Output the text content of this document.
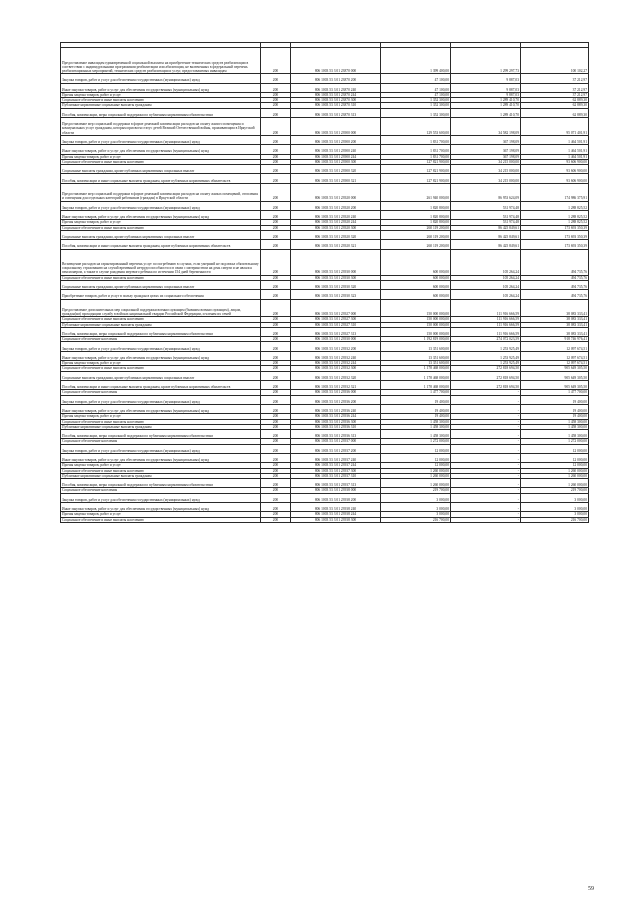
Предоставление инвалидам единовременной социальной выплаты на приобретение технических средств реабилитации в соответствии с индивидуальными программами реабилитации или абилитации, не включенных в федеральный перечень реабилитационных мероприятий, технических средств реабилитации и услуг, предоставляемых инвалидам	200	806 1003 53 3 01 23870 000	1 399 400,00	1 299 297,73	100 102,27
Закупка товаров, работ и услуг для обеспечения государственных (муниципальных) нужд	200	806 1003 53 3 01 23870 200	47 100,00	9 887,03	37 212,97
Иные закупки товаров, работ и услуг для обеспечения государственных (муниципальных) нужд	200	806 1003 53 3 01 23870 240	47 100,00	9 887,03	37 212,97
Прочая закупка товаров, работ и услуг	200	806 1003 53 3 01 23870 244	47 100,00	9 887,03	37 212,97
Социальное обеспечение и иные выплаты населению	200	806 1003 53 3 01 23870 300	1 352 300,00	1 289 410,70	62 889,30
Публичные нормативные социальные выплаты гражданам	200	806 1003 53 3 01 23870 310	1 352 300,00	1 289 410,70	62 889,30
Пособия, компенсации, меры социальной поддержки по публичным нормативным обязательствам	200	806 1003 53 3 01 23870 313	1 352 300,00	1 289 410,70	62 889,30
Предоставление мер социальной поддержки в форме денежной компенсации расходов на оплату жилого помещения и коммунальных услуг гражданам, которым присвоен статус детей Великой Отечественной войны, проживающим в Иркутской области	200	806 1003 53 3 01 23900 000	129 553 600,00	34 582 198,09	95 071 401,91
Закупка товаров, работ и услуг для обеспечения государственных (муниципальных) нужд	200	806 1003 53 3 01 23900 200	1 831 700,00	367 198,09	1 464 501,91
Иные закупки товаров, работ и услуг для обеспечения государственных (муниципальных) нужд	200	806 1003 53 3 01 23900 240	1 831 700,00	367 198,09	1 464 501,91
Прочая закупка товаров, работ и услуг	200	806 1003 53 3 01 23900 244	1 831 700,00	367 198,09	1 464 501,91
Социальное обеспечение и иные выплаты населению	200	806 1003 53 3 01 23900 300	127 821 900,00	34 215 000,00	93 606 900,00
Социальные выплаты гражданам, кроме публичных нормативных социальных выплат	200	806 1003 53 3 01 23900 320	127 821 900,00	34 215 000,00	93 606 900,00
Пособия, компенсации и иные социальные выплаты гражданам, кроме публичных нормативных обязательств	200	806 1003 53 3 01 23900 321	127 821 900,00	34 215 000,00	93 606 900,00
Предоставление мер социальной поддержки в форме денежной компенсации расходов на оплату жилых помещений, отопления и освещения для отдельных категорий работников (граждан) в Иркутской области	200	806 1003 53 3 01 23920 000	261 940 000,00	86 953 624,09	174 986 375,91
Закупка товаров, работ и услуг для обеспечения государственных (муниципальных) нужд	200	806 1003 53 3 01 23920 200	1 820 800,00	531 974,48	1 288 825,52
Иные закупки товаров, работ и услуг для обеспечения государственных (муниципальных) нужд	200	806 1003 53 3 01 23920 240	1 820 800,00	531 974,48	1 288 825,52
Прочая закупка товаров, работ и услуг	200	806 1003 53 3 01 23920 244	1 820 800,00	531 974,48	1 288 825,52
Социальное обеспечение и иные выплаты населению	200	806 1003 53 3 01 23920 300	260 119 200,00	86 425 849,61	173 693 350,39
Социальные выплаты гражданам, кроме публичных нормативных социальных выплат	200	806 1003 53 3 01 23920 320	260 119 200,00	86 425 849,61	173 693 350,39
Пособия, компенсации и иные социальные выплаты гражданам, кроме публичных нормативных обязательств	200	806 1003 53 3 01 23920 321	260 119 200,00	86 425 849,61	173 693 350,39
Возмещение расходов на гарантированный перечень услуг по погребению в случаях, если умерший не подлежал обязательному социальному страхованию на случай временной нетрудоспособности и в связи с материнством на день смерти и не являлся пенсионером, а также в случае рождения мертвого ребенка по истечении 154 дней беременности	200	806 1003 53 3 01 23930 000	600 000,00	105 264,24	494 735,76
Социальное обеспечение и иные выплаты населению	200	806 1003 53 3 01 23930 300	600 000,00	105 264,24	494 735,76
Социальные выплаты гражданам, кроме публичных нормативных социальных выплат	200	806 1003 53 3 01 23930 320	600 000,00	105 264,24	494 735,76
Приобретение товаров, работ и услуг в пользу граждан в целях их социального обеспечения	200	806 1003 53 3 01 23930 323	600 000,00	105 264,24	494 735,76
Предоставление дополнительных мер социальной поддержки военнослужащим (бывшим военнослужащим), лицам, граждан(ам) проходящим службу в войсках национальной гвардии Российской Федерации, и членам их семей	200	806 1003 53 3 01 23927 000	150 000 000,00	111 916 666,59	38 083 333,41
Социальное обеспечение и иные выплаты населению	200	806 1003 53 3 01 23927 300	150 000 000,00	111 916 666,59	38 083 333,41
Публичные нормативные социальные выплаты гражданам	200	806 1003 53 3 01 23927 310	150 000 000,00	111 916 666,59	38 083 333,41
Пособия, компенсации, меры социальной поддержки по публичным нормативным обязательствам	200	806 1003 53 3 01 23927 313	150 000 000,00	111 916 666,59	38 083 333,41
Социальное обеспечение населения	200	806 1003 53 3 01 23930 000	1 192 819 000,00	274 072 023,59	918 746 976,41
Закупка товаров, работ и услуг для обеспечения государственных (муниципальных) нужд	200	806 1003 53 3 01 23932 200	13 351 600,00	1 253 925,49	12 097 674,51
Иные закупки товаров, работ и услуг для обеспечения государственных (муниципальных) нужд	200	806 1003 53 3 01 23932 240	13 351 600,00	1 253 925,49	12 097 674,51
Прочая закупка товаров, работ и услуг	200	806 1003 53 3 01 23932 244	13 351 600,00	1 253 925,49	12 097 674,51
Социальное обеспечение и иные выплаты населению	200	806 1003 53 3 01 23932 300	1 178 468 000,00	272 818 694,50	905 649 305,50
Социальные выплаты гражданам, кроме публичных нормативных социальных выплат	200	806 1003 53 3 01 23932 320	1 178 468 000,00	272 818 694,50	905 649 305,50
Пособия, компенсации и иные социальные выплаты гражданам, кроме публичных нормативных обязательств	200	806 1003 53 3 01 23932 321	1 178 468 000,00	272 818 694,50	905 649 305,50
Социальное обеспечение населения	200	806 1003 53 3 01 23936 000	1 477 700,00	-	1 477 700,00
Закупка товаров, работ и услуг для обеспечения государственных (муниципальных) нужд	200	806 1003 53 3 01 23936 200	19 400,00	-	19 400,00
Иные закупки товаров, работ и услуг для обеспечения государственных (муниципальных) нужд	200	806 1003 53 3 01 23936 240	19 400,00	-	19 400,00
Прочая закупка товаров, работ и услуг	200	806 1003 53 3 01 23936 244	19 400,00	-	19 400,00
Социальное обеспечение и иные выплаты населению	200	806 1003 53 3 01 23936 300	1 458 300,00	-	1 458 300,00
Публичные нормативные социальные выплаты гражданам	200	806 1003 53 3 01 23936 310	1 458 300,00	-	1 458 300,00
Пособия, компенсации, меры социальной поддержки по публичным нормативным обязательствам	200	806 1003 53 3 01 23936 313	1 458 300,00	-	1 458 300,00
Социальное обеспечение населения	200	806 1003 53 3 01 23937 000	1 272 000,00	-	1 272 000,00
Закупка товаров, работ и услуг для обеспечения государственных (муниципальных) нужд	200	806 1003 53 3 01 23937 200	12 000,00	-	12 000,00
Иные закупки товаров, работ и услуг для обеспечения государственных (муниципальных) нужд	200	806 1003 53 3 01 23937 240	12 000,00	-	12 000,00
Прочая закупка товаров, работ и услуг	200	806 1003 53 3 01 23937 244	12 000,00	-	12 000,00
Социальное обеспечение и иные выплаты населению	200	806 1003 53 3 01 23937 300	1 260 000,00	-	1 260 000,00
Публичные нормативные социальные выплаты гражданам	200	806 1003 53 3 01 23937 310	1 260 000,00	-	1 260 000,00
Пособия, компенсации, меры социальной поддержки по публичным нормативным обязательствам	200	806 1003 53 3 01 23937 313	1 260 000,00	-	1 260 000,00
Социальное обеспечение населения	200	806 1003 53 3 01 23938 000	219 700,00	-	219 700,00
Закупка товаров, работ и услуг для обеспечения государственных (муниципальных) нужд	200	806 1003 53 3 01 23938 200	3 000,00	-	3 000,00
Иные закупки товаров, работ и услуг для обеспечения государственных (муниципальных) нужд	200	806 1003 53 3 01 23938 240	3 000,00	-	3 000,00
Прочая закупка товаров, работ и услуг	200	806 1003 53 3 01 23938 244	3 000,00	-	3 000,00
Социальное обеспечение и иные выплаты населению	200	806 1003 53 3 01 23938 300	216 700,00	-	216 700,00
59
